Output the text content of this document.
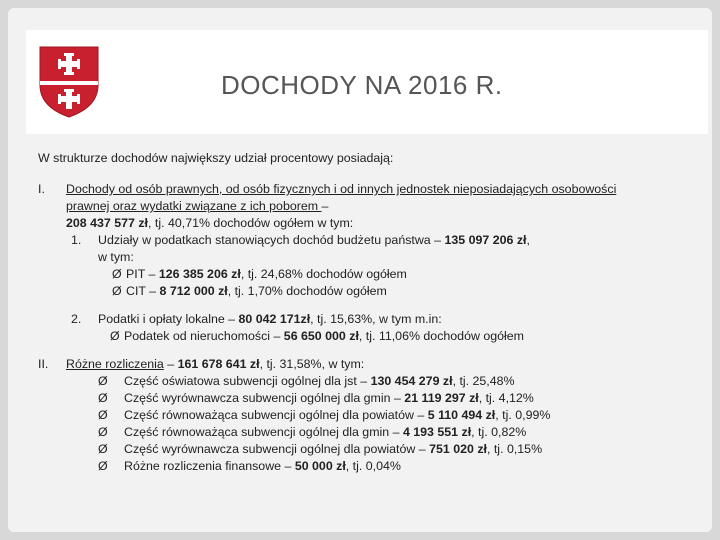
DOCHODY NA 2016 R.

W strukturze dochodów największy udział procentowy posiadają:

I. Dochody od osób prawnych, od osób fizycznych i od innych jednostek nieposiadających osobowości
prawnej oraz wydatki związane z ich poborem –
208 437 577 zł, tj. 40,71% dochodów ogółem w tym:
1. Udziały w podatkach stanowiących dochód budżetu państwa – 135 097 206 zł,
w tym:
Ø PIT – 126 385 206 zł, tj. 24,68% dochodów ogółem
Ø CIT – 8 712 000 zł, tj. 1,70% dochodów ogółem
2. Podatki i opłaty lokalne – 80 042 171zł, tj. 15,63%, w tym m.in:
Ø Podatek od nieruchomości – 56 650 000 zł, tj. 11,06% dochodów ogółem
II. Różne rozliczenia – 161 678 641 zł, tj. 31,58%, w tym:
Ø Część oświatowa subwencji ogólnej dla jst – 130 454 279 zł, tj. 25,48%
Ø Część wyrównawcza subwencji ogólnej dla gmin – 21 119 297 zł, tj. 4,12%
Ø Część równoważąca subwencji ogólnej dla powiatów – 5 110 494 zł, tj. 0,99%
Ø Część równoważąca subwencji ogólnej dla gmin – 4 193 551 zł, tj. 0,82%
Ø Część wyrównawcza subwencji ogólnej dla powiatów – 751 020 zł, tj. 0,15%
Ø Różne rozliczenia finansowe – 50 000 zł, tj. 0,04%
